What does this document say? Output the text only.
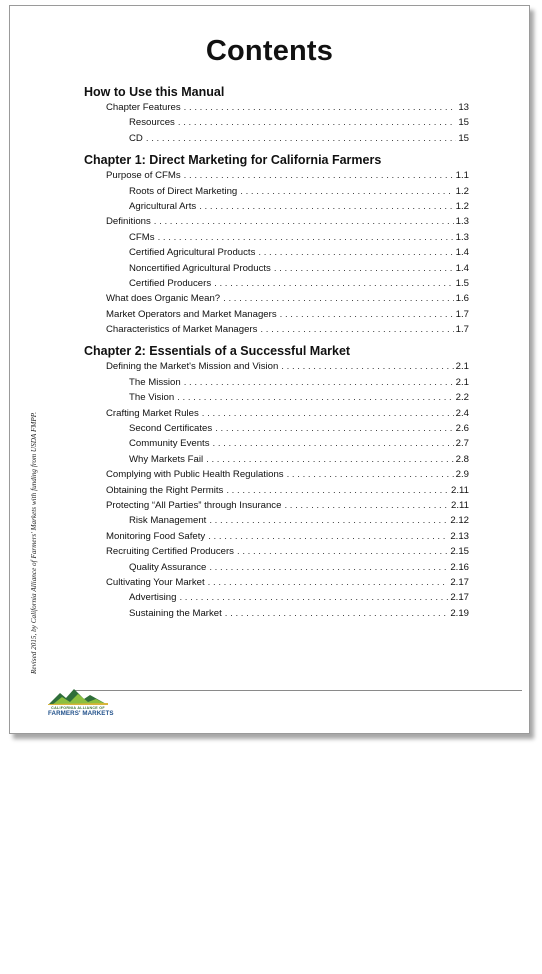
Contents
How to Use this Manual
Chapter Features . . .	13
Resources . . .	15
CD . . .	15
Chapter 1: Direct Marketing for California Farmers
Purpose of CFMs . . .	1.1
Roots of Direct Marketing . . .	1.2
Agricultural Arts . . .	1.2
Definitions . . .	1.3
CFMs . . .	1.3
Certified Agricultural Products . . .	1.4
Noncertified Agricultural Products . . .	1.4
Certified Producers . . .	1.5
What does Organic Mean? . . .	1.6
Market Operators and Market Managers . . .	1.7
Characteristics of Market Managers . . .	1.7
Chapter 2: Essentials of a Successful Market
Defining the Market's Mission and Vision . . .	2.1
The Mission . . .	2.1
The Vision . . .	2.2
Crafting Market Rules . . .	2.4
Second Certificates . . .	2.6
Community Events . . .	2.7
Why Markets Fail . . .	2.8
Complying with Public Health Regulations . . .	2.9
Obtaining the Right Permits . . .	2.11
Protecting “All Parties” through Insurance . . .	2.11
Risk Management . . .	2.12
Monitoring Food Safety . . .	2.13
Recruiting Certified Producers . . .	2.15
Quality Assurance . . .	2.16
Cultivating Your Market . . .	2.17
Advertising . . .	2.17
Sustaining the Market . . .	2.19
Revised 2015, by California Alliance of Farmers' Markets with funding from USDA FMPP.
CALIFORNIA ALLIANCE OF
FARMERS' MARKETS
